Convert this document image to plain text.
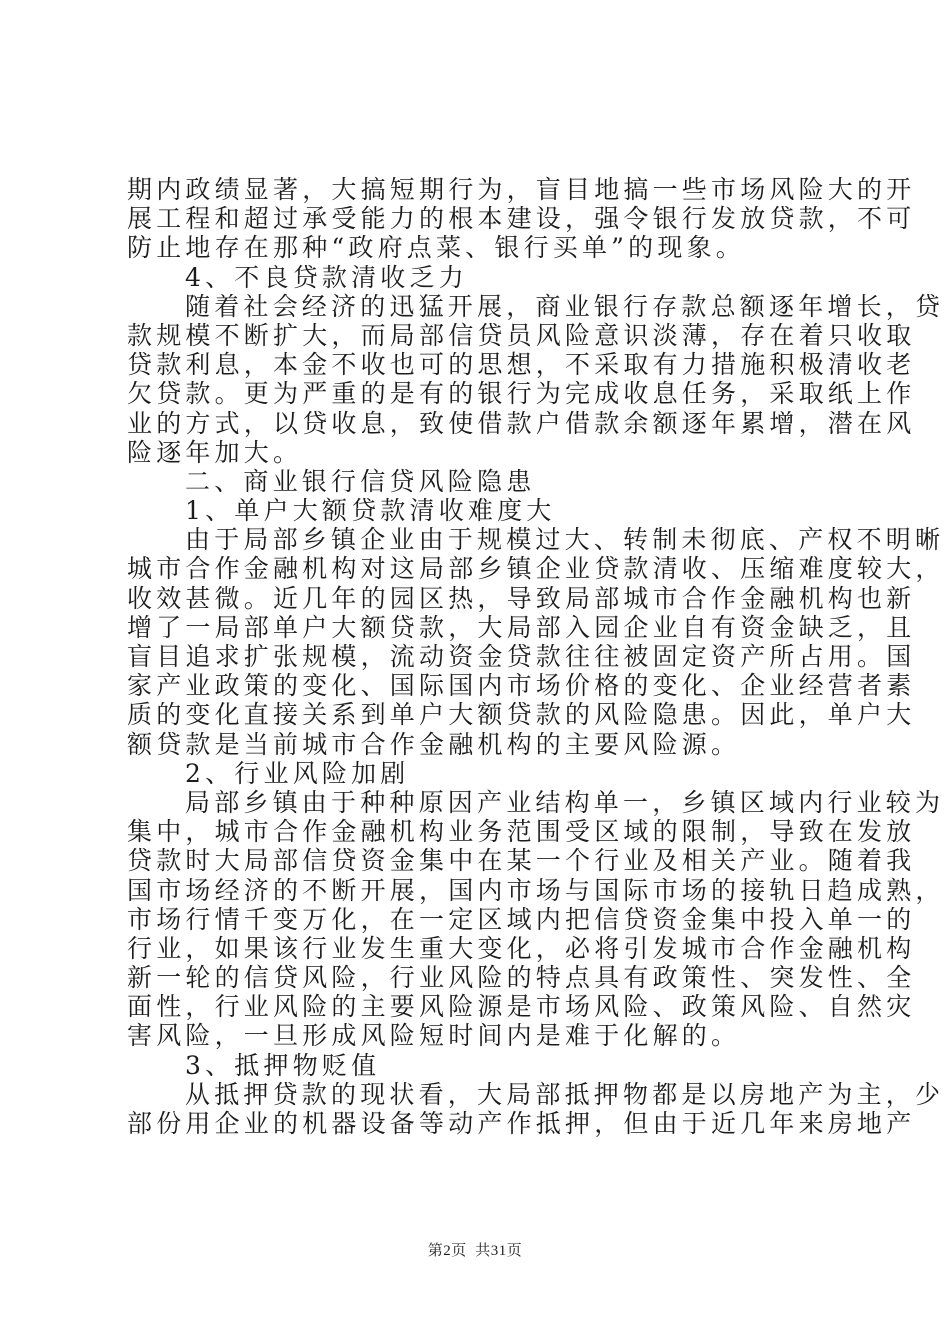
期内政绩显著，大搞短期行为，盲目地搞一些市场风险大的开
展工程和超过承受能力的根本建设，强令银行发放贷款，不可
防止地存在那种“政府点菜、银行买单”的现象。
4、不良贷款清收乏力
随着社会经济的迅猛开展，商业银行存款总额逐年增长，贷
款规模不断扩大，而局部信贷员风险意识淡薄，存在着只收取
贷款利息，本金不收也可的思想，不采取有力措施积极清收老
欠贷款。更为严重的是有的银行为完成收息任务，采取纸上作
业的方式，以贷收息，致使借款户借款余额逐年累增，潜在风
险逐年加大。
二、商业银行信贷风险隐患
1、单户大额贷款清收难度大
由于局部乡镇企业由于规模过大、转制未彻底、产权不明晰
城市合作金融机构对这局部乡镇企业贷款清收、压缩难度较大，
收效甚微。近几年的园区热，导致局部城市合作金融机构也新
增了一局部单户大额贷款，大局部入园企业自有资金缺乏，且
盲目追求扩张规模，流动资金贷款往往被固定资产所占用。国
家产业政策的变化、国际国内市场价格的变化、企业经营者素
质的变化直接关系到单户大额贷款的风险隐患。因此，单户大
额贷款是当前城市合作金融机构的主要风险源。
2、行业风险加剧
局部乡镇由于种种原因产业结构单一，乡镇区域内行业较为
集中，城市合作金融机构业务范围受区域的限制，导致在发放
贷款时大局部信贷资金集中在某一个行业及相关产业。随着我
国市场经济的不断开展，国内市场与国际市场的接轨日趋成熟，
市场行情千变万化，在一定区域内把信贷资金集中投入单一的
行业，如果该行业发生重大变化，必将引发城市合作金融机构
新一轮的信贷风险，行业风险的特点具有政策性、突发性、全
面性，行业风险的主要风险源是市场风险、政策风险、自然灾
害风险，一旦形成风险短时间内是难于化解的。
3、抵押物贬值
从抵押贷款的现状看，大局部抵押物都是以房地产为主，少
部份用企业的机器设备等动产作抵押，但由于近几年来房地产
第2页  共31页
